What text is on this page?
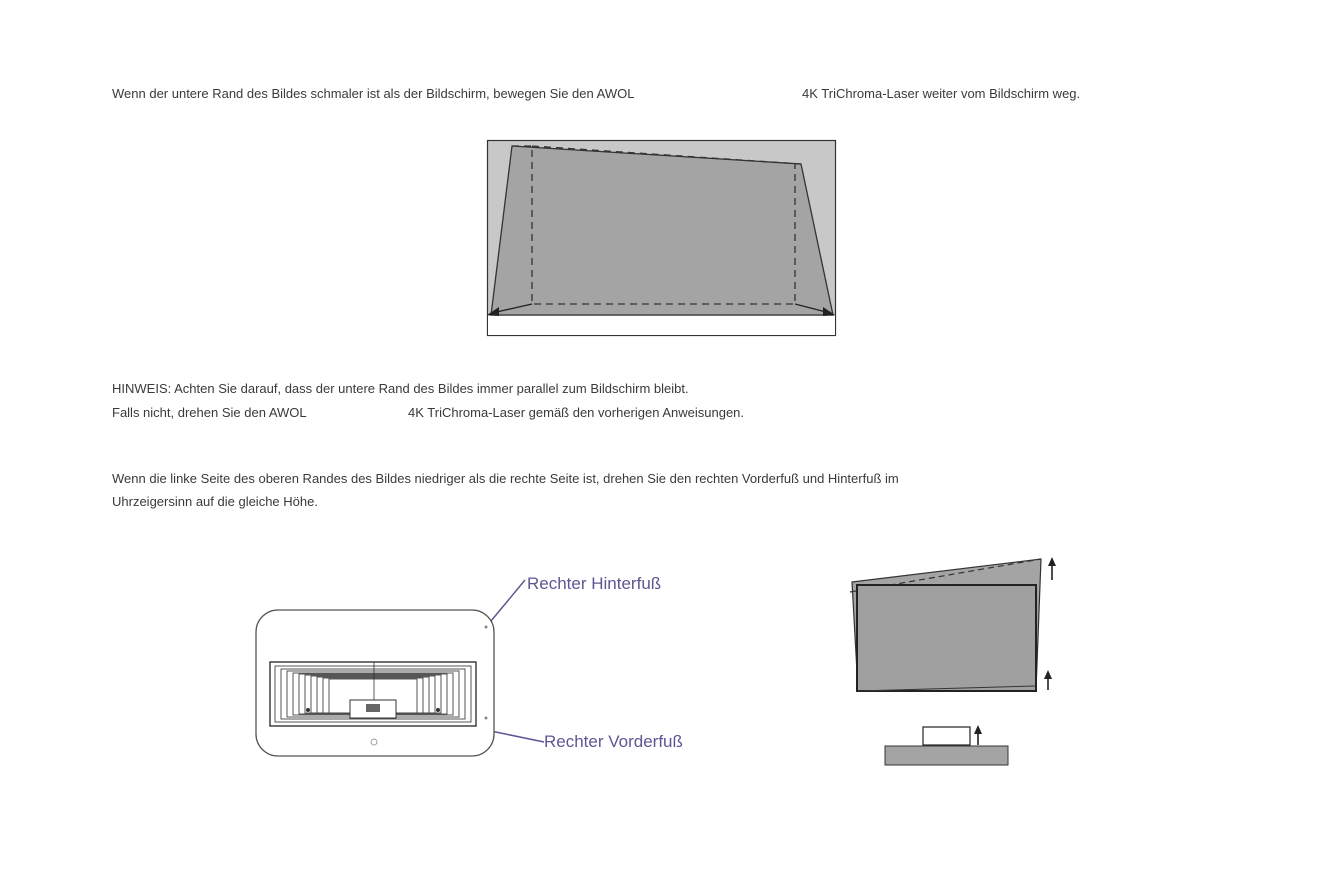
Wenn der untere Rand des Bildes schmaler ist als der Bildschirm, bewegen Sie den AWOL	4K TriChroma-Laser weiter vom Bildschirm weg.
HINWEIS: Achten Sie darauf, dass der untere Rand des Bildes immer parallel zum Bildschirm bleibt.
Falls nicht, drehen Sie den AWOL	4K TriChroma-Laser gemäß den vorherigen Anweisungen.
Wenn die linke Seite des oberen Randes des Bildes niedriger als die rechte Seite ist, drehen Sie den rechten Vorderfuß und Hinterfuß im
Uhrzeigersinn auf die gleiche Höhe.
Rechter Hinterfuß
Rechter Vorderfuß
